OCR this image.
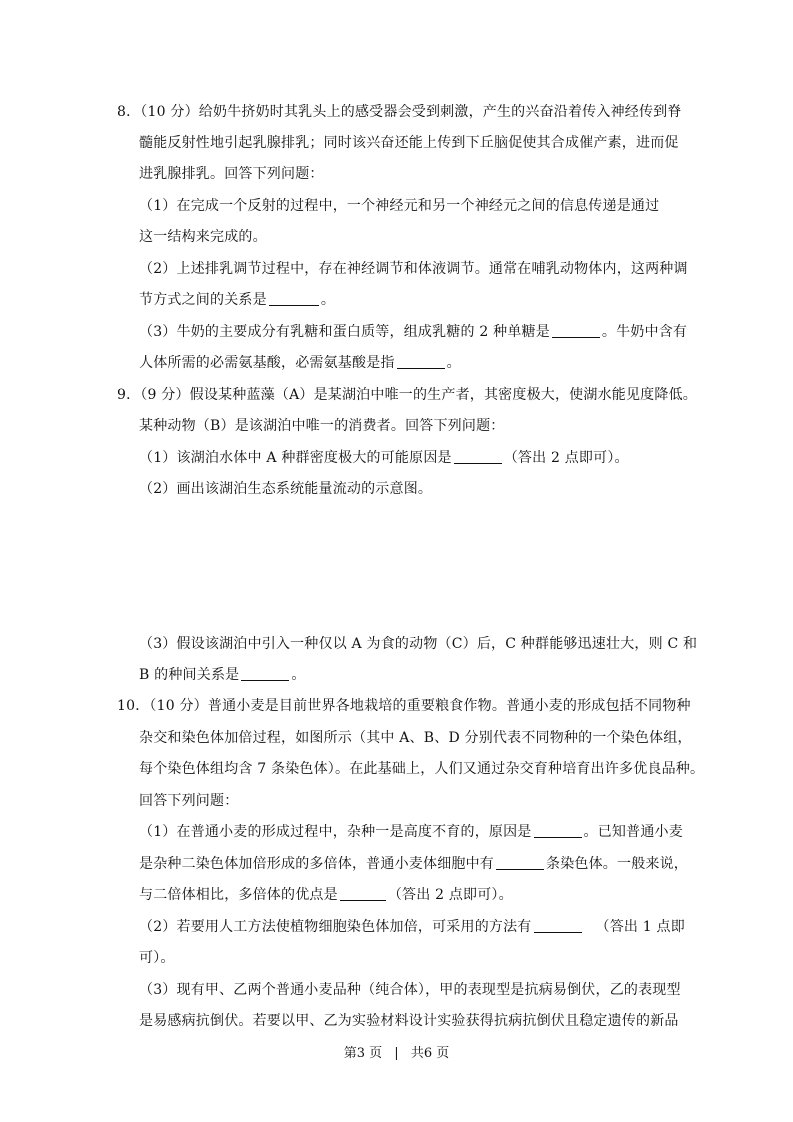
8．（10 分）给奶牛挤奶时其乳头上的感受器会受到刺激，产生的兴奋沿着传入神经传到脊
髓能反射性地引起乳腺排乳；同时该兴奋还能上传到下丘脑促使其合成催产素，进而促
进乳腺排乳。回答下列问题：
（1）在完成一个反射的过程中，一个神经元和另一个神经元之间的信息传递是通过
这一结构来完成的。
（2）上述排乳调节过程中，存在神经调节和体液调节。通常在哺乳动物体内，这两种调
节方式之间的关系是	。
（3）牛奶的主要成分有乳糖和蛋白质等，组成乳糖的 2 种单糖是	。牛奶中含有
人体所需的必需氨基酸，必需氨基酸是指	。
9．（9 分）假设某种蓝藻（A）是某湖泊中唯一的生产者，其密度极大，使湖水能见度降低。
某种动物（B）是该湖泊中唯一的消费者。回答下列问题：
（1）该湖泊水体中 A 种群密度极大的可能原因是	（答出 2 点即可）。
（2）画出该湖泊生态系统能量流动的示意图。
（3）假设该湖泊中引入一种仅以 A 为食的动物（C）后，C 种群能够迅速壮大，则 C 和
B 的种间关系是	。
10．（10 分）普通小麦是目前世界各地栽培的重要粮食作物。普通小麦的形成包括不同物种
杂交和染色体加倍过程，如图所示（其中 A、B、D 分别代表不同物种的一个染色体组，
每个染色体组均含 7 条染色体）。在此基础上，人们又通过杂交育种培育出许多优良品种。
回答下列问题：
（1）在普通小麦的形成过程中，杂种一是高度不育的，原因是	。已知普通小麦
是杂种二染色体加倍形成的多倍体，普通小麦体细胞中有	条染色体。一般来说，
与二倍体相比，多倍体的优点是	（答出 2 点即可）。
（2）若要用人工方法使植物细胞染色体加倍，可采用的方法有	（答出 1 点即
可）。
（3）现有甲、乙两个普通小麦品种（纯合体），甲的表现型是抗病易倒伏，乙的表现型
是易感病抗倒伏。若要以甲、乙为实验材料设计实验获得抗病抗倒伏且稳定遗传的新品
第3 页 | 共6 页
